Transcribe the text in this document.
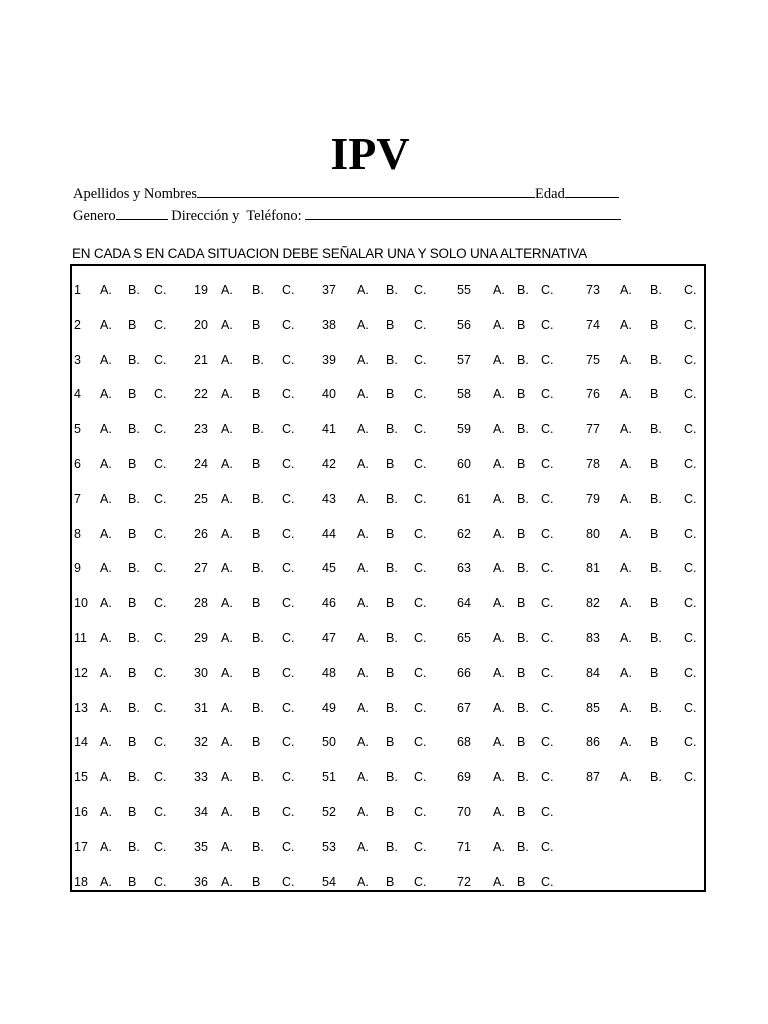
IPV
Apellidos y Nombres	Edad
Genero	Dirección y  Teléfono:
EN CADA S EN CADA SITUACION DEBE SEÑALAR UNA Y SOLO UNA ALTERNATIVA
1 A. B. C.
2 A. B C.
3 A. B. C.
4 A. B C.
5 A. B. C.
6 A. B C.
7 A. B. C.
8 A. B C.
9 A. B. C.
10 A. B C.
11 A. B. C.
12 A. B C.
13 A. B. C.
14 A. B C.
15 A. B. C.
16 A. B C.
17 A. B. C.
18 A. B C.
19 A. B. C.
20 A. B C.
21 A. B. C.
22 A. B C.
23 A. B. C.
24 A. B C.
25 A. B. C.
26 A. B C.
27 A. B. C.
28 A. B C.
29 A. B. C.
30 A. B C.
31 A. B. C.
32 A. B C.
33 A. B. C.
34 A. B C.
35 A. B. C.
36 A. B C.
37 A. B. C.
38 A. B C.
39 A. B. C.
40 A. B C.
41 A. B. C.
42 A. B C.
43 A. B. C.
44 A. B C.
45 A. B. C.
46 A. B C.
47 A. B. C.
48 A. B C.
49 A. B. C.
50 A. B C.
51 A. B. C.
52 A. B C.
53 A. B. C.
54 A. B C.
55 A. B. C.
56 A. B C.
57 A. B. C.
58 A. B C.
59 A. B. C.
60 A. B C.
61 A. B. C.
62 A. B C.
63 A. B. C.
64 A. B C.
65 A. B. C.
66 A. B C.
67 A. B. C.
68 A. B C.
69 A. B. C.
70 A. B C.
71 A. B. C.
72 A. B C.
73 A. B. C.
74 A. B C.
75 A. B. C.
76 A. B C.
77 A. B. C.
78 A. B C.
79 A. B. C.
80 A. B C.
81 A. B. C.
82 A. B C.
83 A. B. C.
84 A. B C.
85 A. B. C.
86 A. B C.
87 A. B. C.
